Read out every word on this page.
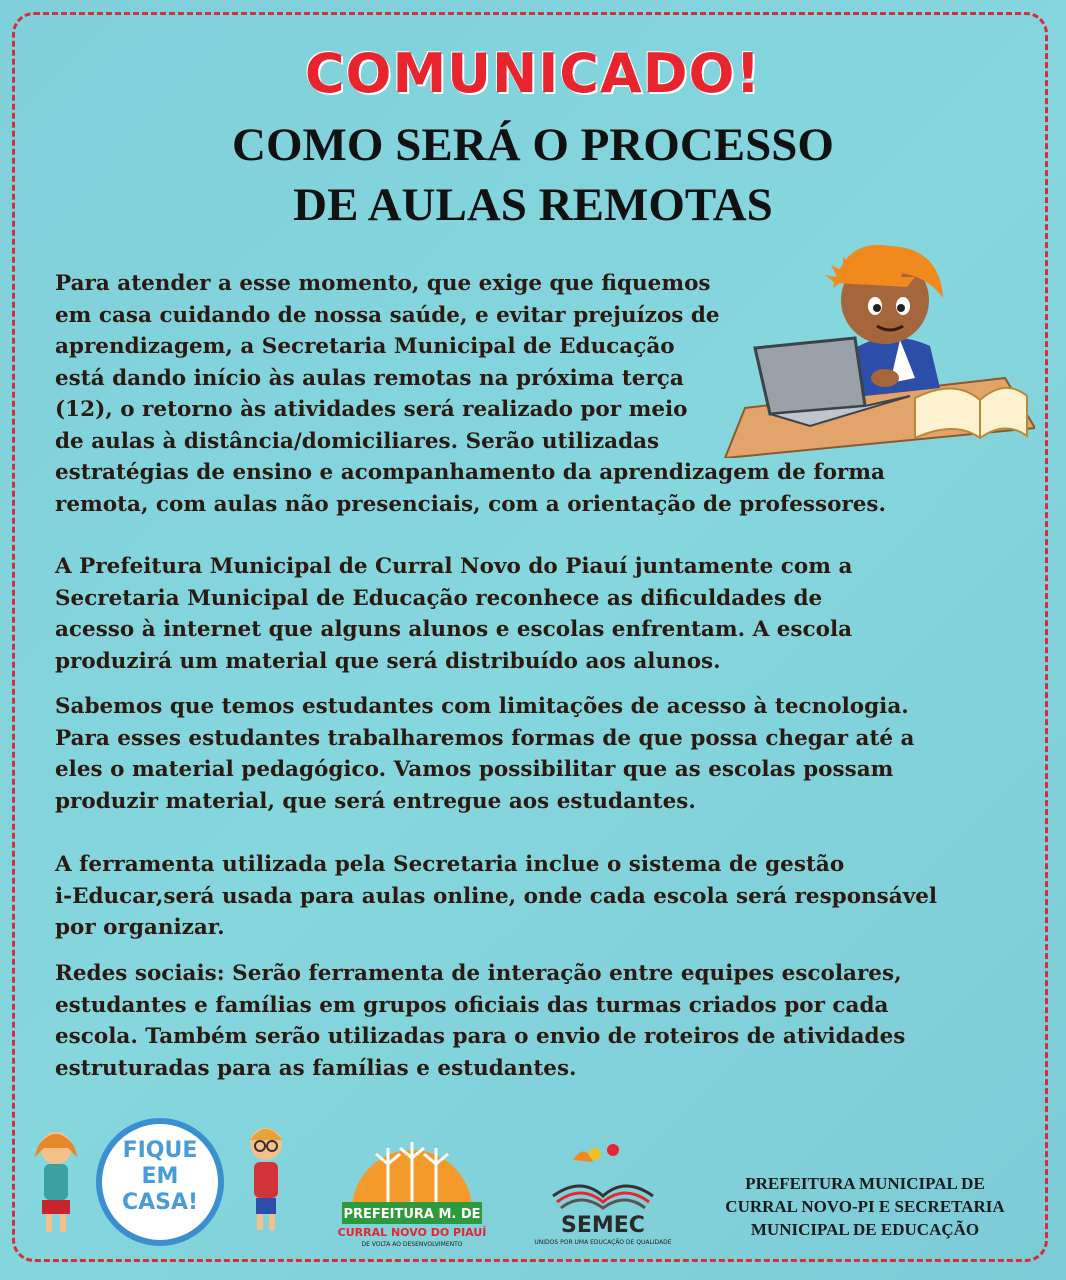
COMUNICADO!
COMO SERÁ O PROCESSO
DE AULAS REMOTAS
Para atender a esse momento, que exige que fiquemos
em casa cuidando de nossa saúde, e evitar prejuízos de
aprendizagem, a Secretaria Municipal de Educação
está dando início às aulas remotas na próxima terça
(12), o retorno às atividades será realizado por meio
de aulas à distância/domiciliares. Serão utilizadas
estratégias de ensino e acompanhamento da aprendizagem de forma
remota, com aulas não presenciais, com a orientação de professores.
A Prefeitura Municipal de Curral Novo do Piauí juntamente com a
Secretaria Municipal de Educação reconhece as dificuldades de
acesso à internet que alguns alunos e escolas enfrentam. A escola
produzirá um material que será distribuído aos alunos.
Sabemos que temos estudantes com limitações de acesso à tecnologia.
Para esses estudantes trabalharemos formas de que possa chegar até a
eles o material pedagógico. Vamos possibilitar que as escolas possam
produzir material, que será entregue aos estudantes.
A ferramenta utilizada pela Secretaria inclue o sistema de gestão
i-Educar,será usada para aulas online, onde cada escola será responsável
por organizar.
Redes sociais: Serão ferramenta de interação entre equipes escolares,
estudantes e famílias em grupos oficiais das turmas criados por cada
escola. Também serão utilizadas para o envio de roteiros de atividades
estruturadas para as famílias e estudantes.
FIQUE
EM
CASA!	PREFEITURA M. DE
CURRAL NOVO DO PIAUÍ
DE VOLTA AO DESENVOLVIMENTO
SEMEC
UNIDOS POR UMA EDUCAÇÃO DE QUALIDADE
PREFEITURA MUNICIPAL DE
CURRAL NOVO-PI E SECRETARIA
MUNICIPAL DE EDUCAÇÃO
